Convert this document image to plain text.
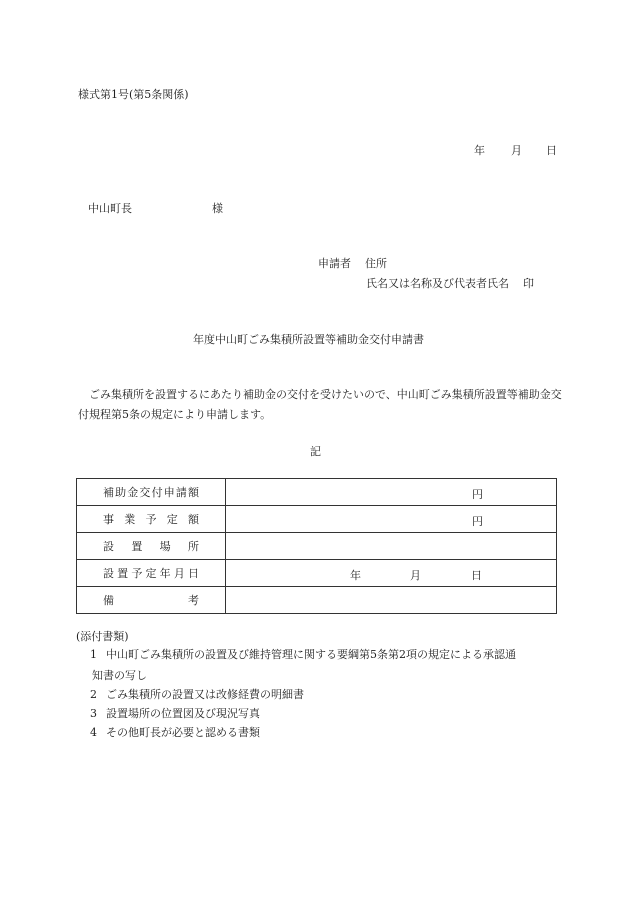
様式第1号(第5条関係)
年 月 日
中山町長	様
申請者 住所
氏名又は名称及び代表者氏名 印
年度中山町ごみ集積所設置等補助金交付申請書
ごみ集積所を設置するにあたり補助金の交付を受けたいので、中山町ごみ集積所設置等補助金交付規程第5条の規定により申請します。
記
補助金交付申請額	円

事業予定額	円

設置場所	
設置予定年月日	年 月 日

備考	
(添付書類)
1 中山町ごみ集積所の設置及び維持管理に関する要綱第5条第2項の規定による承認通
知書の写し
2 ごみ集積所の設置又は改修経費の明細書
3 設置場所の位置図及び現況写真
4 その他町長が必要と認める書類
